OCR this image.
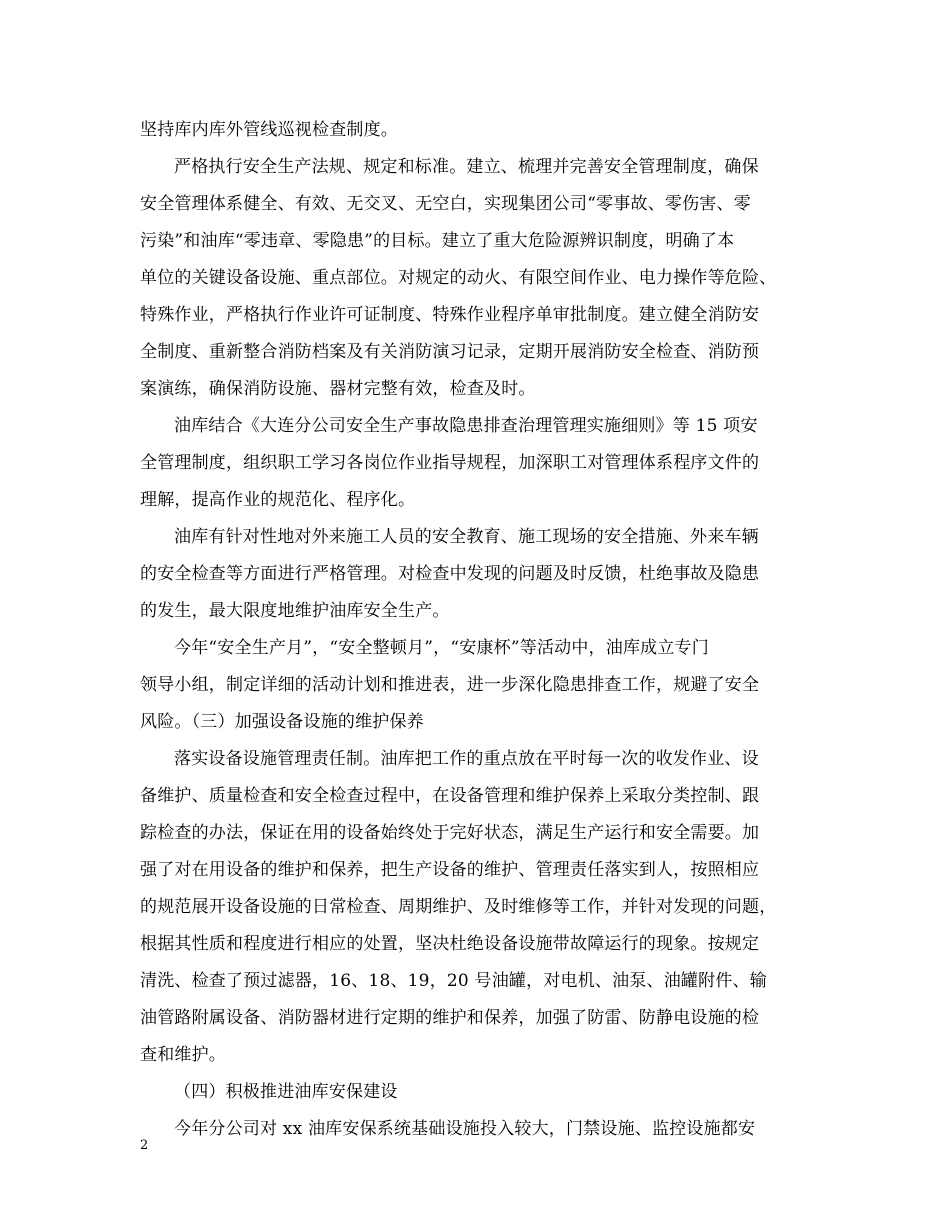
坚持库内库外管线巡视检查制度。
严格执行安全生产法规、规定和标准。建立、梳理并完善安全管理制度，确保
安全管理体系健全、有效、无交叉、无空白，实现集团公司“零事故、零伤害、零
污染”和油库“零违章、零隐患”的目标。建立了重大危险源辨识制度，明确了本
单位的关键设备设施、重点部位。对规定的动火、有限空间作业、电力操作等危险、
特殊作业，严格执行作业许可证制度、特殊作业程序单审批制度。建立健全消防安
全制度、重新整合消防档案及有关消防演习记录，定期开展消防安全检查、消防预
案演练，确保消防设施、器材完整有效，检查及时。
油库结合《大连分公司安全生产事故隐患排查治理管理实施细则》等 15 项安
全管理制度，组织职工学习各岗位作业指导规程，加深职工对管理体系程序文件的
理解，提高作业的规范化、程序化。
油库有针对性地对外来施工人员的安全教育、施工现场的安全措施、外来车辆
的安全检查等方面进行严格管理。对检查中发现的问题及时反馈，杜绝事故及隐患
的发生，最大限度地维护油库安全生产。
今年“安全生产月”，“安全整顿月”，“安康杯”等活动中，油库成立专门
领导小组，制定详细的活动计划和推进表，进一步深化隐患排查工作，规避了安全
风险。（三）加强设备设施的维护保养
落实设备设施管理责任制。油库把工作的重点放在平时每一次的收发作业、设
备维护、质量检查和安全检查过程中，在设备管理和维护保养上采取分类控制、跟
踪检查的办法，保证在用的设备始终处于完好状态，满足生产运行和安全需要。加
强了对在用设备的维护和保养，把生产设备的维护、管理责任落实到人，按照相应
的规范展开设备设施的日常检查、周期维护、及时维修等工作，并针对发现的问题，
根据其性质和程度进行相应的处置，坚决杜绝设备设施带故障运行的现象。按规定
清洗、检查了预过滤器，16、18、19，20 号油罐，对电机、油泵、油罐附件、输
油管路附属设备、消防器材进行定期的维护和保养，加强了防雷、防静电设施的检
查和维护。
（四）积极推进油库安保建设
今年分公司对 xx 油库安保系统基础设施投入较大，门禁设施、监控设施都安
2
